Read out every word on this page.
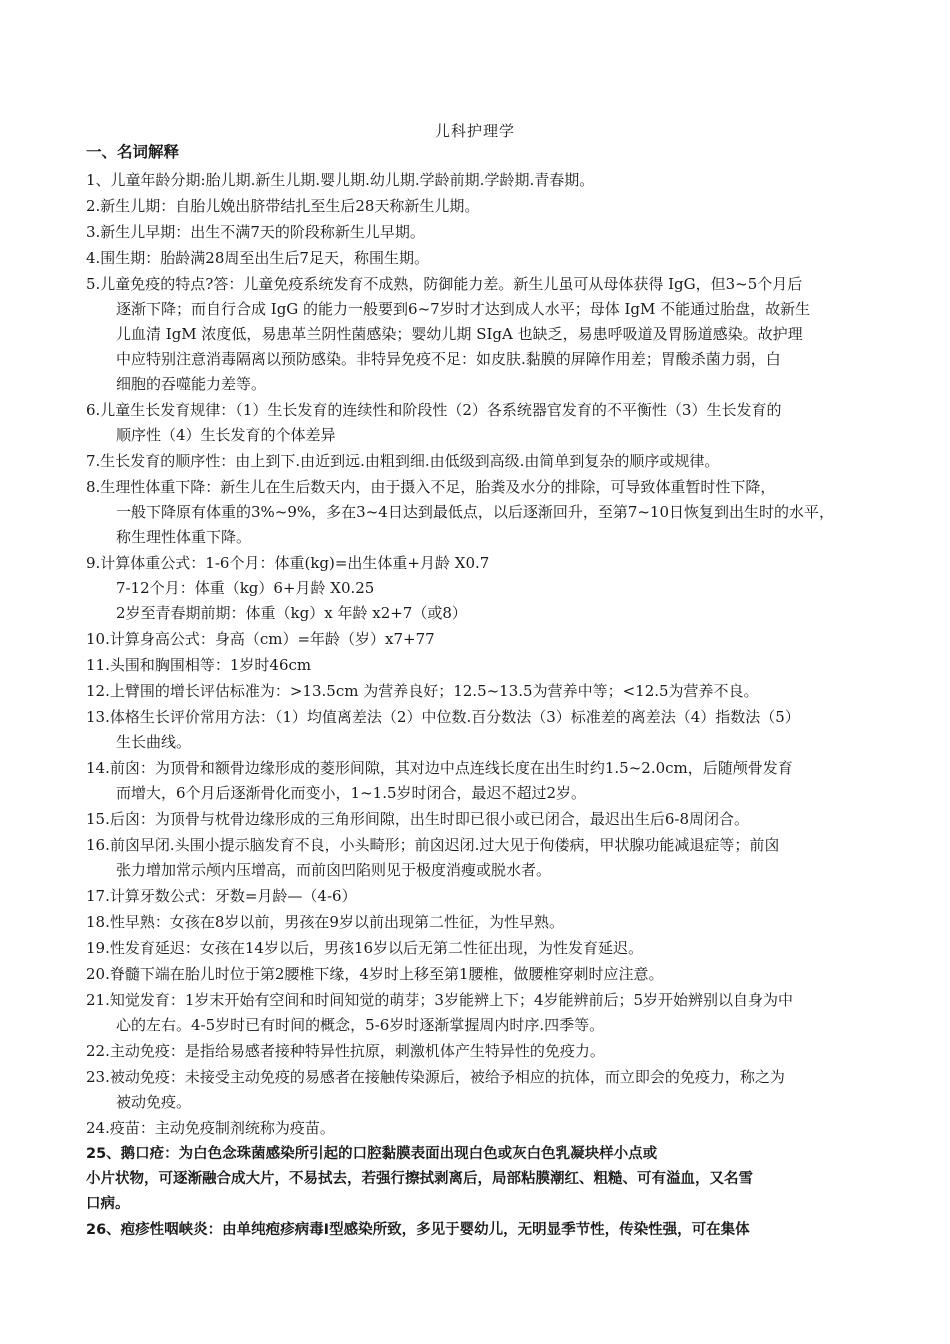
儿科护理学
一、名词解释
1、儿童年龄分期:胎儿期.新生儿期.婴儿期.幼儿期.学龄前期.学龄期.青春期。
2.新生儿期：自胎儿娩出脐带结扎至生后28天称新生儿期。
3.新生儿早期：出生不满7天的阶段称新生儿早期。
4.围生期：胎龄满28周至出生后7足天，称围生期。
5.儿童免疫的特点?答：儿童免疫系统发育不成熟，防御能力差。新生儿虽可从母体获得 IgG，但3~5个月后
逐渐下降；而自行合成 IgG 的能力一般要到6~7岁时才达到成人水平；母体 IgM 不能通过胎盘，故新生
儿血清 IgM 浓度低，易患革兰阴性菌感染；婴幼儿期 SIgA 也缺乏，易患呼吸道及胃肠道感染。故护理
中应特别注意消毒隔离以预防感染。非特异免疫不足：如皮肤.黏膜的屏障作用差；胃酸杀菌力弱，白
细胞的吞噬能力差等。
6.儿童生长发育规律：（1）生长发育的连续性和阶段性（2）各系统器官发育的不平衡性（3）生长发育的
顺序性（4）生长发育的个体差异
7.生长发育的顺序性：由上到下.由近到远.由粗到细.由低级到高级.由简单到复杂的顺序或规律。
8.生理性体重下降：新生儿在生后数天内，由于摄入不足，胎粪及水分的排除，可导致体重暂时性下降，
一般下降原有体重的3%~9%，多在3~4日达到最低点，以后逐渐回升，至第7~10日恢复到出生时的水平，
称生理性体重下降。
9.计算体重公式：1-6个月：体重(kg)=出生体重+月龄 X0.7
7-12个月：体重（kg）6+月龄 X0.25
2岁至青春期前期：体重（kg）x 年龄 x2+7（或8）
10.计算身高公式：身高（cm）=年龄（岁）x7+77
11.头围和胸围相等：1岁时46cm
12.上臂围的增长评估标准为：>13.5cm 为营养良好；12.5~13.5为营养中等；<12.5为营养不良。
13.体格生长评价常用方法：（1）均值离差法（2）中位数.百分数法（3）标准差的离差法（4）指数法（5）
生长曲线。
14.前囟：为顶骨和额骨边缘形成的菱形间隙，其对边中点连线长度在出生时约1.5~2.0cm，后随颅骨发育
而增大，6个月后逐渐骨化而变小，1~1.5岁时闭合，最迟不超过2岁。
15.后囟：为顶骨与枕骨边缘形成的三角形间隙，出生时即已很小或已闭合，最迟出生后6-8周闭合。
16.前囟早闭.头围小提示脑发育不良，小头畸形；前囟迟闭.过大见于佝偻病，甲状腺功能减退症等；前囟
张力增加常示颅内压增高，而前囟凹陷则见于极度消瘦或脱水者。
17.计算牙数公式：牙数=月龄—（4-6）
18.性早熟：女孩在8岁以前，男孩在9岁以前出现第二性征，为性早熟。
19.性发育延迟：女孩在14岁以后，男孩16岁以后无第二性征出现，为性发育延迟。
20.脊髓下端在胎儿时位于第2腰椎下缘，4岁时上移至第1腰椎，做腰椎穿刺时应注意。
21.知觉发育：1岁末开始有空间和时间知觉的萌芽；3岁能辨上下；4岁能辨前后；5岁开始辨别以自身为中
心的左右。4-5岁时已有时间的概念，5-6岁时逐渐掌握周内时序.四季等。
22.主动免疫：是指给易感者接种特异性抗原，刺激机体产生特异性的免疫力。
23.被动免疫：未接受主动免疫的易感者在接触传染源后，被给予相应的抗体，而立即会的免疫力，称之为
被动免疫。
24.疫苗：主动免疫制剂统称为疫苗。
25、鹅口疮：为白色念珠菌感染所引起的口腔黏膜表面出现白色或灰白色乳凝块样小点或
小片状物，可逐渐融合成大片，不易拭去，若强行擦拭剥离后，局部粘膜潮红、粗糙、可有溢血，又名雪
口病。
26、疱疹性咽峡炎：由单纯疱疹病毒Ⅰ型感染所致，多见于婴幼儿，无明显季节性，传染性强，可在集体
